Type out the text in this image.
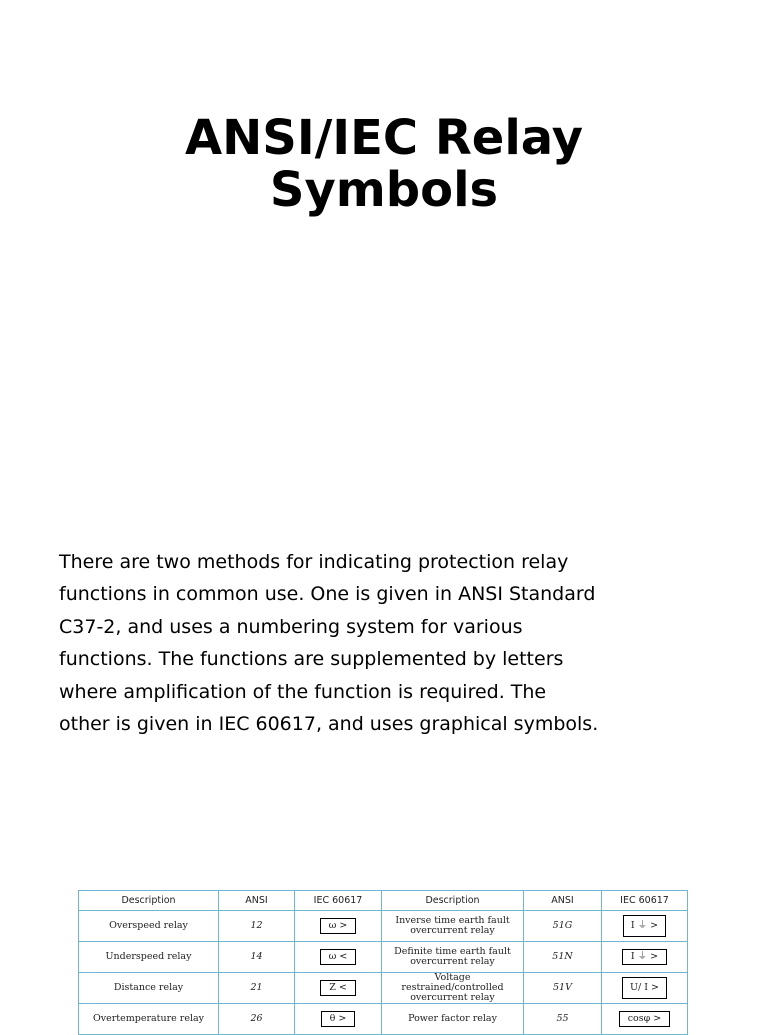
ANSI/IEC Relay
Symbols
There are two methods for indicating protection relay
functions in common use. One is given in ANSI Standard
C37-2, and uses a numbering system for various
functions. The functions are supplemented by letters
where amplification of the function is required. The
other is given in IEC 60617, and uses graphical symbols.
Description	ANSI	IEC 60617	Description	ANSI	IEC 60617
Overspeed relay	12	ω >	Inverse time earth fault overcurrent relay	51G	I ⏚ >
Underspeed relay	14	ω <	Definite time earth fault overcurrent relay	51N	I ⏚ >
Distance relay	21	Z <	Voltage restrained/controlled overcurrent relay	51V	U/ I >
Overtemperature relay	26	θ >	Power factor relay	55	cosφ >
